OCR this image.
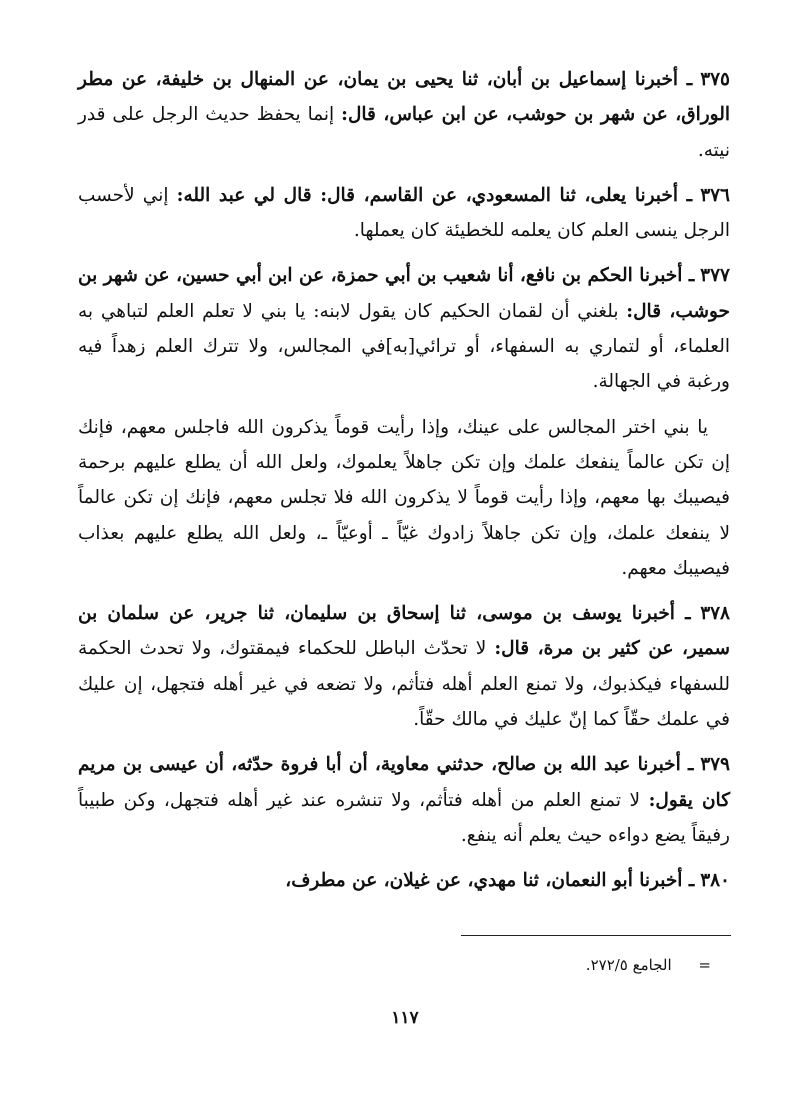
٣٧٥ ـ أخبرنا إسماعيل بن أبان، ثنا يحيى بن يمان، عن المنهال بن خليفة، عن مطر الوراق، عن شهر بن حوشب، عن ابن عباس، قال: إنما يحفظ حديث الرجل على قدر نيته.

٣٧٦ ـ أخبرنا يعلى، ثنا المسعودي، عن القاسم، قال: قال لي عبد الله: إني لأحسب الرجل ينسى العلم كان يعلمه للخطيئة كان يعملها.

٣٧٧ ـ أخبرنا الحكم بن نافع، أنا شعيب بن أبي حمزة، عن ابن أبي حسين، عن شهر بن حوشب، قال: بلغني أن لقمان الحكيم كان يقول لابنه: يا بني لا تعلم العلم لتباهي به العلماء، أو لتماري به السفهاء، أو ترائي[به]في المجالس، ولا تترك العلم زهداً فيه ورغبة في الجهالة.

يا بني اختر المجالس على عينك، وإذا رأيت قوماً يذكرون الله فاجلس معهم، فإنك إن تكن عالماً ينفعك علمك وإن تكن جاهلاً يعلموك، ولعل الله أن يطلع عليهم برحمة فيصيبك بها معهم، وإذا رأيت قوماً لا يذكرون الله فلا تجلس معهم، فإنك إن تكن عالماً لا ينفعك علمك، وإن تكن جاهلاً زادوك غيّاً ـ أوعيّاً ـ، ولعل الله يطلع عليهم بعذاب فيصيبك معهم.

٣٧٨ ـ أخبرنا يوسف بن موسى، ثنا إسحاق بن سليمان، ثنا جرير، عن سلمان بن سمير، عن كثير بن مرة، قال: لا تحدّث الباطل للحكماء فيمقتوك، ولا تحدث الحكمة للسفهاء فيكذبوك، ولا تمنع العلم أهله فتأثم، ولا تضعه في غير أهله فتجهل، إن عليك في علمك حقّاً كما إنّ عليك في مالك حقّاً.

٣٧٩ ـ أخبرنا عبد الله بن صالح، حدثني معاوية، أن أبا فروة حدّثه، أن عيسى بن مريم كان يقول: لا تمنع العلم من أهله فتأثم، ولا تنشره عند غير أهله فتجهل، وكن طبيباً رفيقاً يضع دواءه حيث يعلم أنه ينفع.

٣٨٠ ـ أخبرنا أبو النعمان، ثنا مهدي، عن غيلان، عن مطرف،

= الجامع ٢٧٢/٥.
١١٧
